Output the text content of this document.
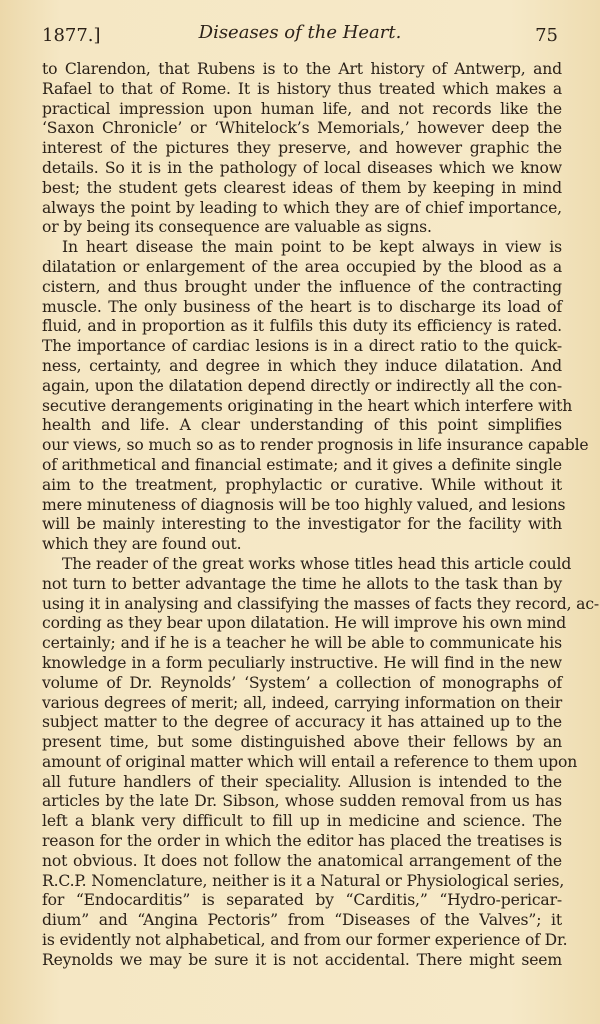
1877.]	Diseases of the Heart.	75
to Clarendon, that Rubens is to the Art history of Antwerp, and
Rafael to that of Rome. It is history thus treated which makes a
practical impression upon human life, and not records like the
‘Saxon Chronicle’ or ‘Whitelock’s Memorials,’ however deep the
interest of the pictures they preserve, and however graphic the
details. So it is in the pathology of local diseases which we know
best; the student gets clearest ideas of them by keeping in mind
always the point by leading to which they are of chief importance,
or by being its consequence are valuable as signs.
In heart disease the main point to be kept always in view is
dilatation or enlargement of the area occupied by the blood as a
cistern, and thus brought under the influence of the contracting
muscle. The only business of the heart is to discharge its load of
fluid, and in proportion as it fulfils this duty its efficiency is rated.
The importance of cardiac lesions is in a direct ratio to the quick-
ness, certainty, and degree in which they induce dilatation. And
again, upon the dilatation depend directly or indirectly all the con-
secutive derangements originating in the heart which interfere with
health and life. A clear understanding of this point simplifies
our views, so much so as to render prognosis in life insurance capable
of arithmetical and financial estimate; and it gives a definite single
aim to the treatment, prophylactic or curative. While without it
mere minuteness of diagnosis will be too highly valued, and lesions
will be mainly interesting to the investigator for the facility with
which they are found out.
The reader of the great works whose titles head this article could
not turn to better advantage the time he allots to the task than by
using it in analysing and classifying the masses of facts they record, ac-
cording as they bear upon dilatation. He will improve his own mind
certainly; and if he is a teacher he will be able to communicate his
knowledge in a form peculiarly instructive. He will find in the new
volume of Dr. Reynolds’ ‘System’ a collection of monographs of
various degrees of merit; all, indeed, carrying information on their
subject matter to the degree of accuracy it has attained up to the
present time, but some distinguished above their fellows by an
amount of original matter which will entail a reference to them upon
all future handlers of their speciality. Allusion is intended to the
articles by the late Dr. Sibson, whose sudden removal from us has
left a blank very difficult to fill up in medicine and science. The
reason for the order in which the editor has placed the treatises is
not obvious. It does not follow the anatomical arrangement of the
R.C.P. Nomenclature, neither is it a Natural or Physiological series,
for “Endocarditis” is separated by “Carditis,” “Hydro-pericar-
dium” and “Angina Pectoris” from “Diseases of the Valves”; it
is evidently not alphabetical, and from our former experience of Dr.
Reynolds we may be sure it is not accidental. There might seem
